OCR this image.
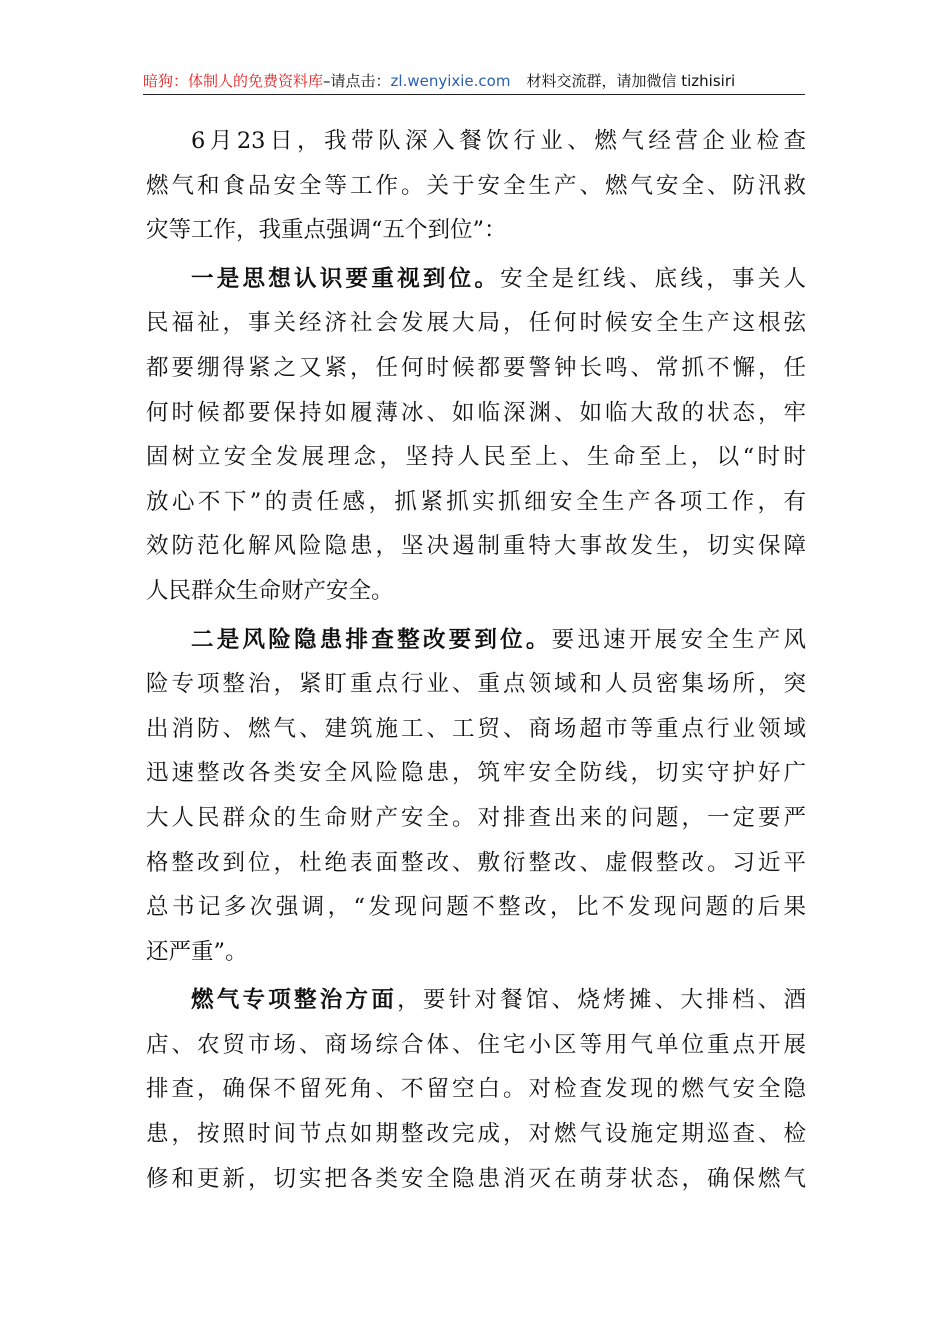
暗狗：体制人的免费资料库–请点击：zl.wenyixie.com 材料交流群，请加微信 tizhisiri
6月23日，我带队深入餐饮行业、燃气经营企业检查
燃气和食品安全等工作。关于安全生产、燃气安全、防汛救
灾等工作，我重点强调“五个到位”：
一是思想认识要重视到位。安全是红线、底线，事关人
民福祉，事关经济社会发展大局，任何时候安全生产这根弦
都要绷得紧之又紧，任何时候都要警钟长鸣、常抓不懈，任
何时候都要保持如履薄冰、如临深渊、如临大敌的状态，牢
固树立安全发展理念，坚持人民至上、生命至上，以“时时
放心不下”的责任感，抓紧抓实抓细安全生产各项工作，有
效防范化解风险隐患，坚决遏制重特大事故发生，切实保障
人民群众生命财产安全。
二是风险隐患排查整改要到位。要迅速开展安全生产风
险专项整治，紧盯重点行业、重点领域和人员密集场所，突
出消防、燃气、建筑施工、工贸、商场超市等重点行业领域
迅速整改各类安全风险隐患，筑牢安全防线，切实守护好广
大人民群众的生命财产安全。对排查出来的问题，一定要严
格整改到位，杜绝表面整改、敷衍整改、虚假整改。习近平
总书记多次强调，“发现问题不整改，比不发现问题的后果
还严重”。
燃气专项整治方面，要针对餐馆、烧烤摊、大排档、酒
店、农贸市场、商场综合体、住宅小区等用气单位重点开展
排查，确保不留死角、不留空白。对检查发现的燃气安全隐
患，按照时间节点如期整改完成，对燃气设施定期巡查、检
修和更新，切实把各类安全隐患消灭在萌芽状态，确保燃气
